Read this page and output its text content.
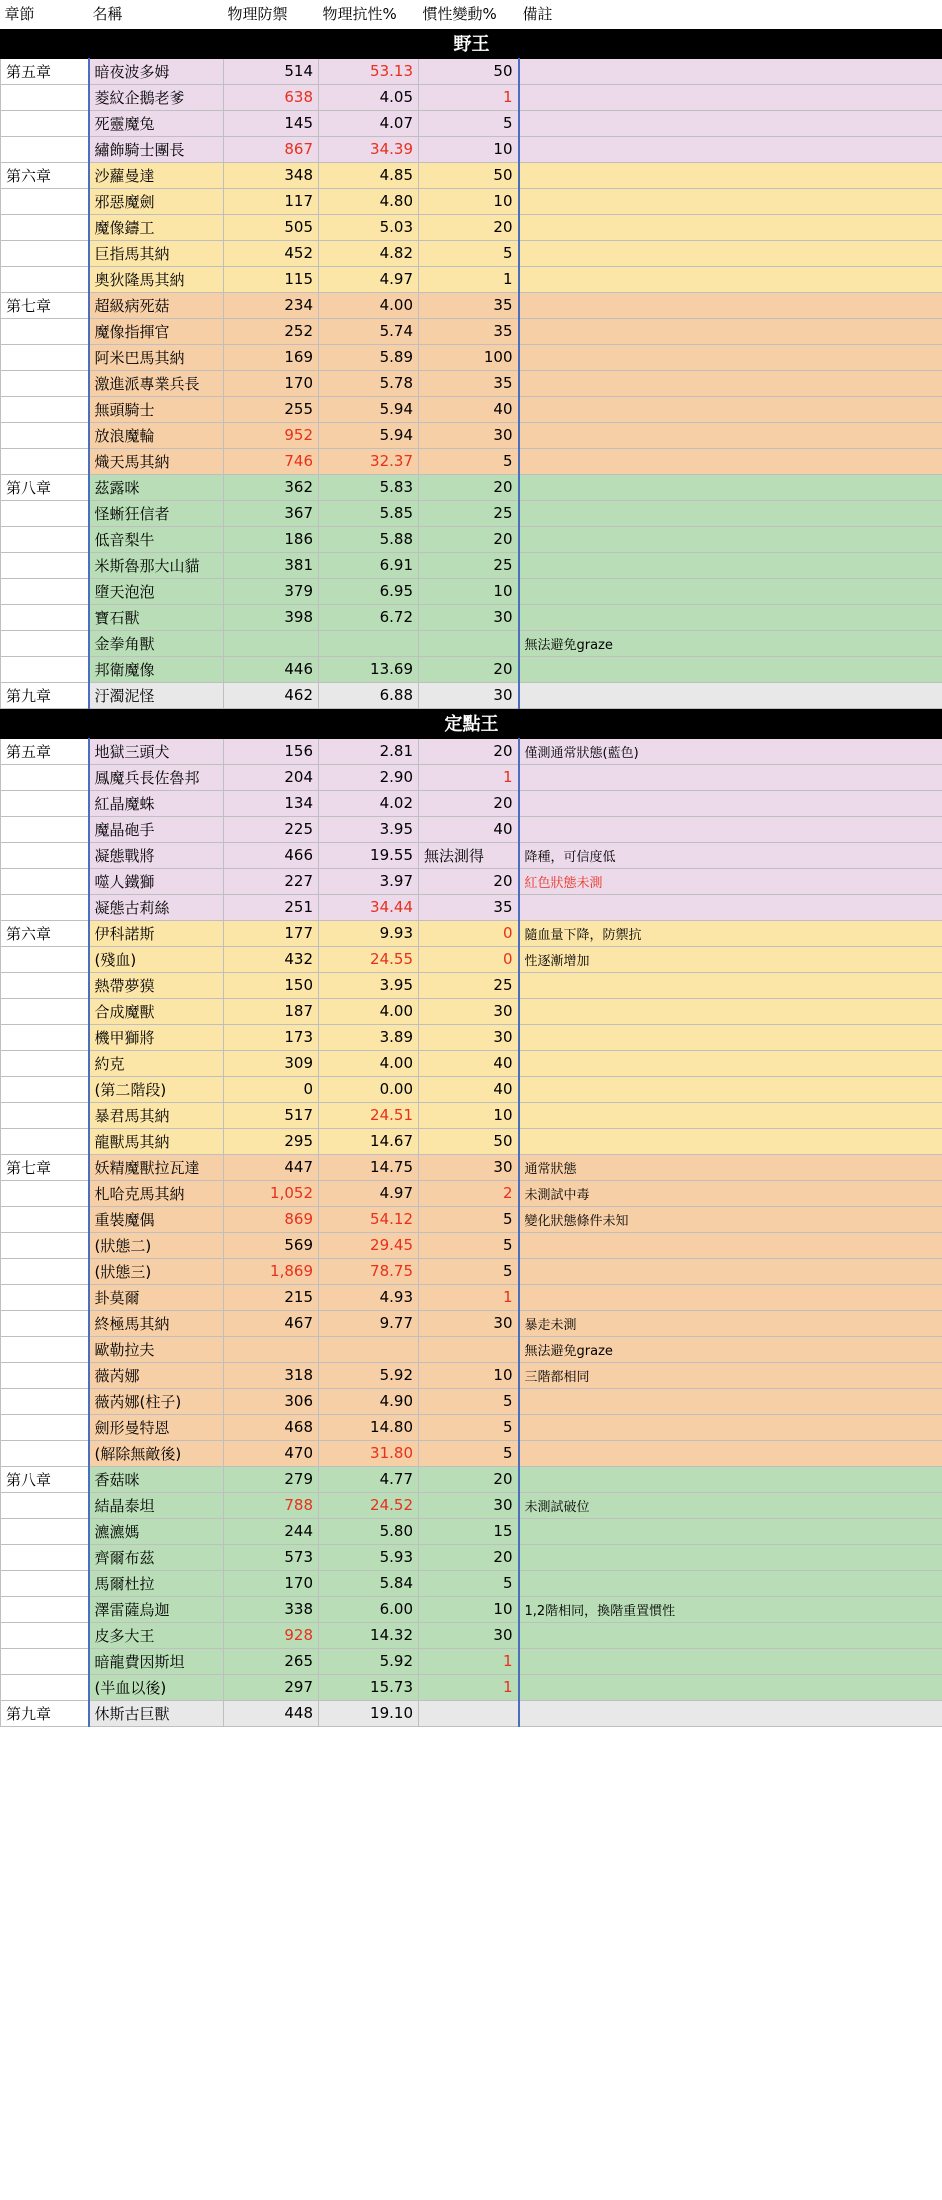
章節	名稱	物理防禦	物理抗性%	慣性變動%	備註
野王					
第五章	暗夜波多姆	514	53.13	50	
	菱紋企鵝老爹	638	4.05	1	
	死靈魔兔	145	4.07	5	
	繡飾騎士團長	867	34.39	10	
第六章	沙蘿曼達	348	4.85	50	
	邪惡魔劍	117	4.80	10	
	魔像鑄工	505	5.03	20	
	巨指馬其納	452	4.82	5	
	奧狄隆馬其納	115	4.97	1	
第七章	超級病死菇	234	4.00	35	
	魔像指揮官	252	5.74	35	
	阿米巴馬其納	169	5.89	100	
	激進派專業兵長	170	5.78	35	
	無頭騎士	255	5.94	40	
	放浪魔輪	952	5.94	30	
	熾天馬其納	746	32.37	5	
第八章	茲露咪	362	5.83	20	
	怪蜥狂信者	367	5.85	25	
	低音梨牛	186	5.88	20	
	米斯魯那大山貓	381	6.91	25	
	墮天泡泡	379	6.95	10	
	寶石獸	398	6.72	30	
	金拳角獸				無法避免graze
	邦衛魔像	446	13.69	20	
第九章	汙濁泥怪	462	6.88	30	
定點王					
第五章	地獄三頭犬	156	2.81	20	僅測通常狀態(藍色)
	鳳魔兵長佐魯邦	204	2.90	1	
	紅晶魔蛛	134	4.02	20	
	魔晶砲手	225	3.95	40	
	凝態戰將	466	19.55	無法測得	降種，可信度低
	噬人鐵獅	227	3.97	20	紅色狀態未測
	凝態古莉絲	251	34.44	35	
第六章	伊科諾斯	177	9.93	0	隨血量下降，防禦抗
	(殘血)	432	24.55	0	性逐漸增加
	熱帶夢獏	150	3.95	25	
	合成魔獸	187	4.00	30	
	機甲獅將	173	3.89	30	
	約克	309	4.00	40	
	(第二階段)	0	0.00	40	
	暴君馬其納	517	24.51	10	
	龍獸馬其納	295	14.67	50	
第七章	妖精魔獸拉瓦達	447	14.75	30	通常狀態
	札哈克馬其納	1,052	4.97	2	未測試中毒
	重裝魔偶	869	54.12	5	變化狀態條件未知
	(狀態二)	569	29.45	5	
	(狀態三)	1,869	78.75	5	
	卦莫爾	215	4.93	1	
	終極馬其納	467	9.77	30	暴走未測
	歐勒拉夫				無法避免graze
	薇芮娜	318	5.92	10	三階都相同
	薇芮娜(柱子)	306	4.90	5	
	劍形曼特恩	468	14.80	5	
	(解除無敵後)	470	31.80	5	
第八章	香菇咪	279	4.77	20	
	結晶泰坦	788	24.52	30	未測試破位
	瀌瀌媽	244	5.80	15	
	齊爾布茲	573	5.93	20	
	馬爾杜拉	170	5.84	5	
	澤雷薩烏迦	338	6.00	10	1,2階相同，換階重置慣性
	皮多大王	928	14.32	30	
	暗龍費因斯坦	265	5.92	1	
	(半血以後)	297	15.73	1	
第九章	休斯古巨獸	448	19.10		
